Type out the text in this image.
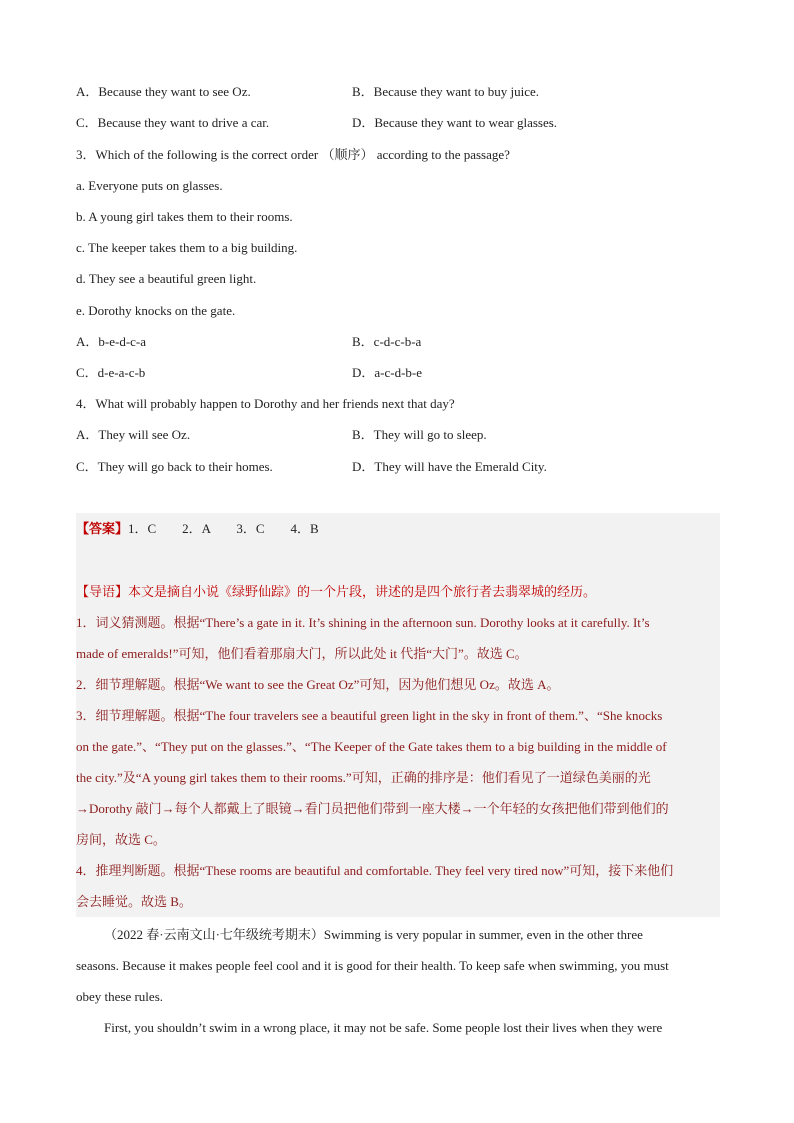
A．Because they want to see Oz.	B．Because they want to buy juice.
C．Because they want to drive a car.	D．Because they want to wear glasses.
3．Which of the following is the correct order （顺序） according to the passage?
a. Everyone puts on glasses.
b. A young girl takes them to their rooms.
c. The keeper takes them to a big building.
d. They see a beautiful green light.
e. Dorothy knocks on the gate.
A．b-e-d-c-a	B．c-d-c-b-a
C．d-e-a-c-b	D．a-c-d-b-e
4．What will probably happen to Dorothy and her friends next that day?
A．They will see Oz.	B．They will go to sleep.
C．They will go back to their homes.	D．They will have the Emerald City.
【答案】1．C　　2．A　　3．C　　4．B
【导语】本文是摘自小说《绿野仙踪》的一个片段，讲述的是四个旅行者去翡翠城的经历。
1．词义猜测题。根据“There’s a gate in it. It’s shining in the afternoon sun. Dorothy looks at it carefully. It’s
made of emeralds!”可知，他们看着那扇大门，所以此处 it 代指“大门”。故选 C。
2．细节理解题。根据“We want to see the Great Oz”可知，因为他们想见 Oz。故选 A。
3．细节理解题。根据“The four travelers see a beautiful green light in the sky in front of them.”、“She knocks
on the gate.”、“They put on the glasses.”、“The Keeper of the Gate takes them to a big building in the middle of
the city.”及“A young girl takes them to their rooms.”可知，正确的排序是：他们看见了一道绿色美丽的光
→Dorothy 敲门→每个人都戴上了眼镜→看门员把他们带到一座大楼→一个年轻的女孩把他们带到他们的
房间，故选 C。
4．推理判断题。根据“These rooms are beautiful and comfortable. They feel very tired now”可知，接下来他们
会去睡觉。故选 B。
（2022 春·云南文山·七年级统考期末）Swimming is very popular in summer, even in the other three
seasons. Because it makes people feel cool and it is good for their health. To keep safe when swimming, you must
obey these rules.
First, you shouldn’t swim in a wrong place, it may not be safe. Some people lost their lives when they were
